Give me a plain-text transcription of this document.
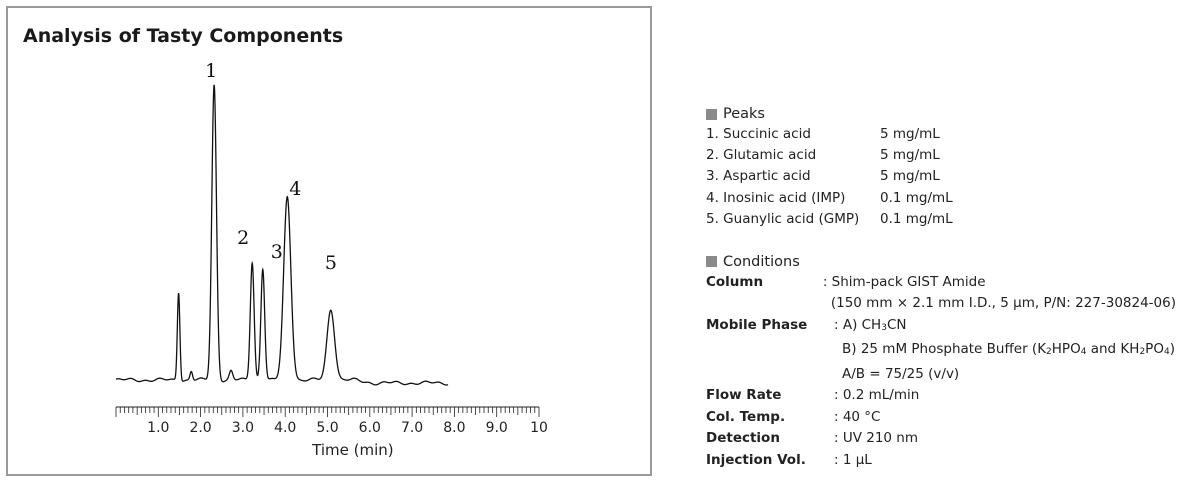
Analysis of Tasty Components
1.0 2.0 3.0 4.0 5.0 6.0 7.0 8.0 9.0 10
1
2
3
4
5
Time (min)
Peaks
1. Succinic acid	5 mg/mL
2. Glutamic acid	5 mg/mL
3. Aspartic acid	5 mg/mL
4. Inosinic acid (IMP)	0.1 mg/mL
5. Guanylic acid (GMP)	0.1 mg/mL
Conditions
Column	: Shim-pack GIST Amide
(150 mm × 2.1 mm I.D., 5 μm, P/N: 227-30824-06)
Mobile Phase	: A) CH3CN
B) 25 mM Phosphate Buffer (K2HPO4 and KH2PO4)
A/B = 75/25 (v/v)
Flow Rate	: 0.2 mL/min
Col. Temp.	: 40 °C
Detection	: UV 210 nm
Injection Vol.	: 1 μL
